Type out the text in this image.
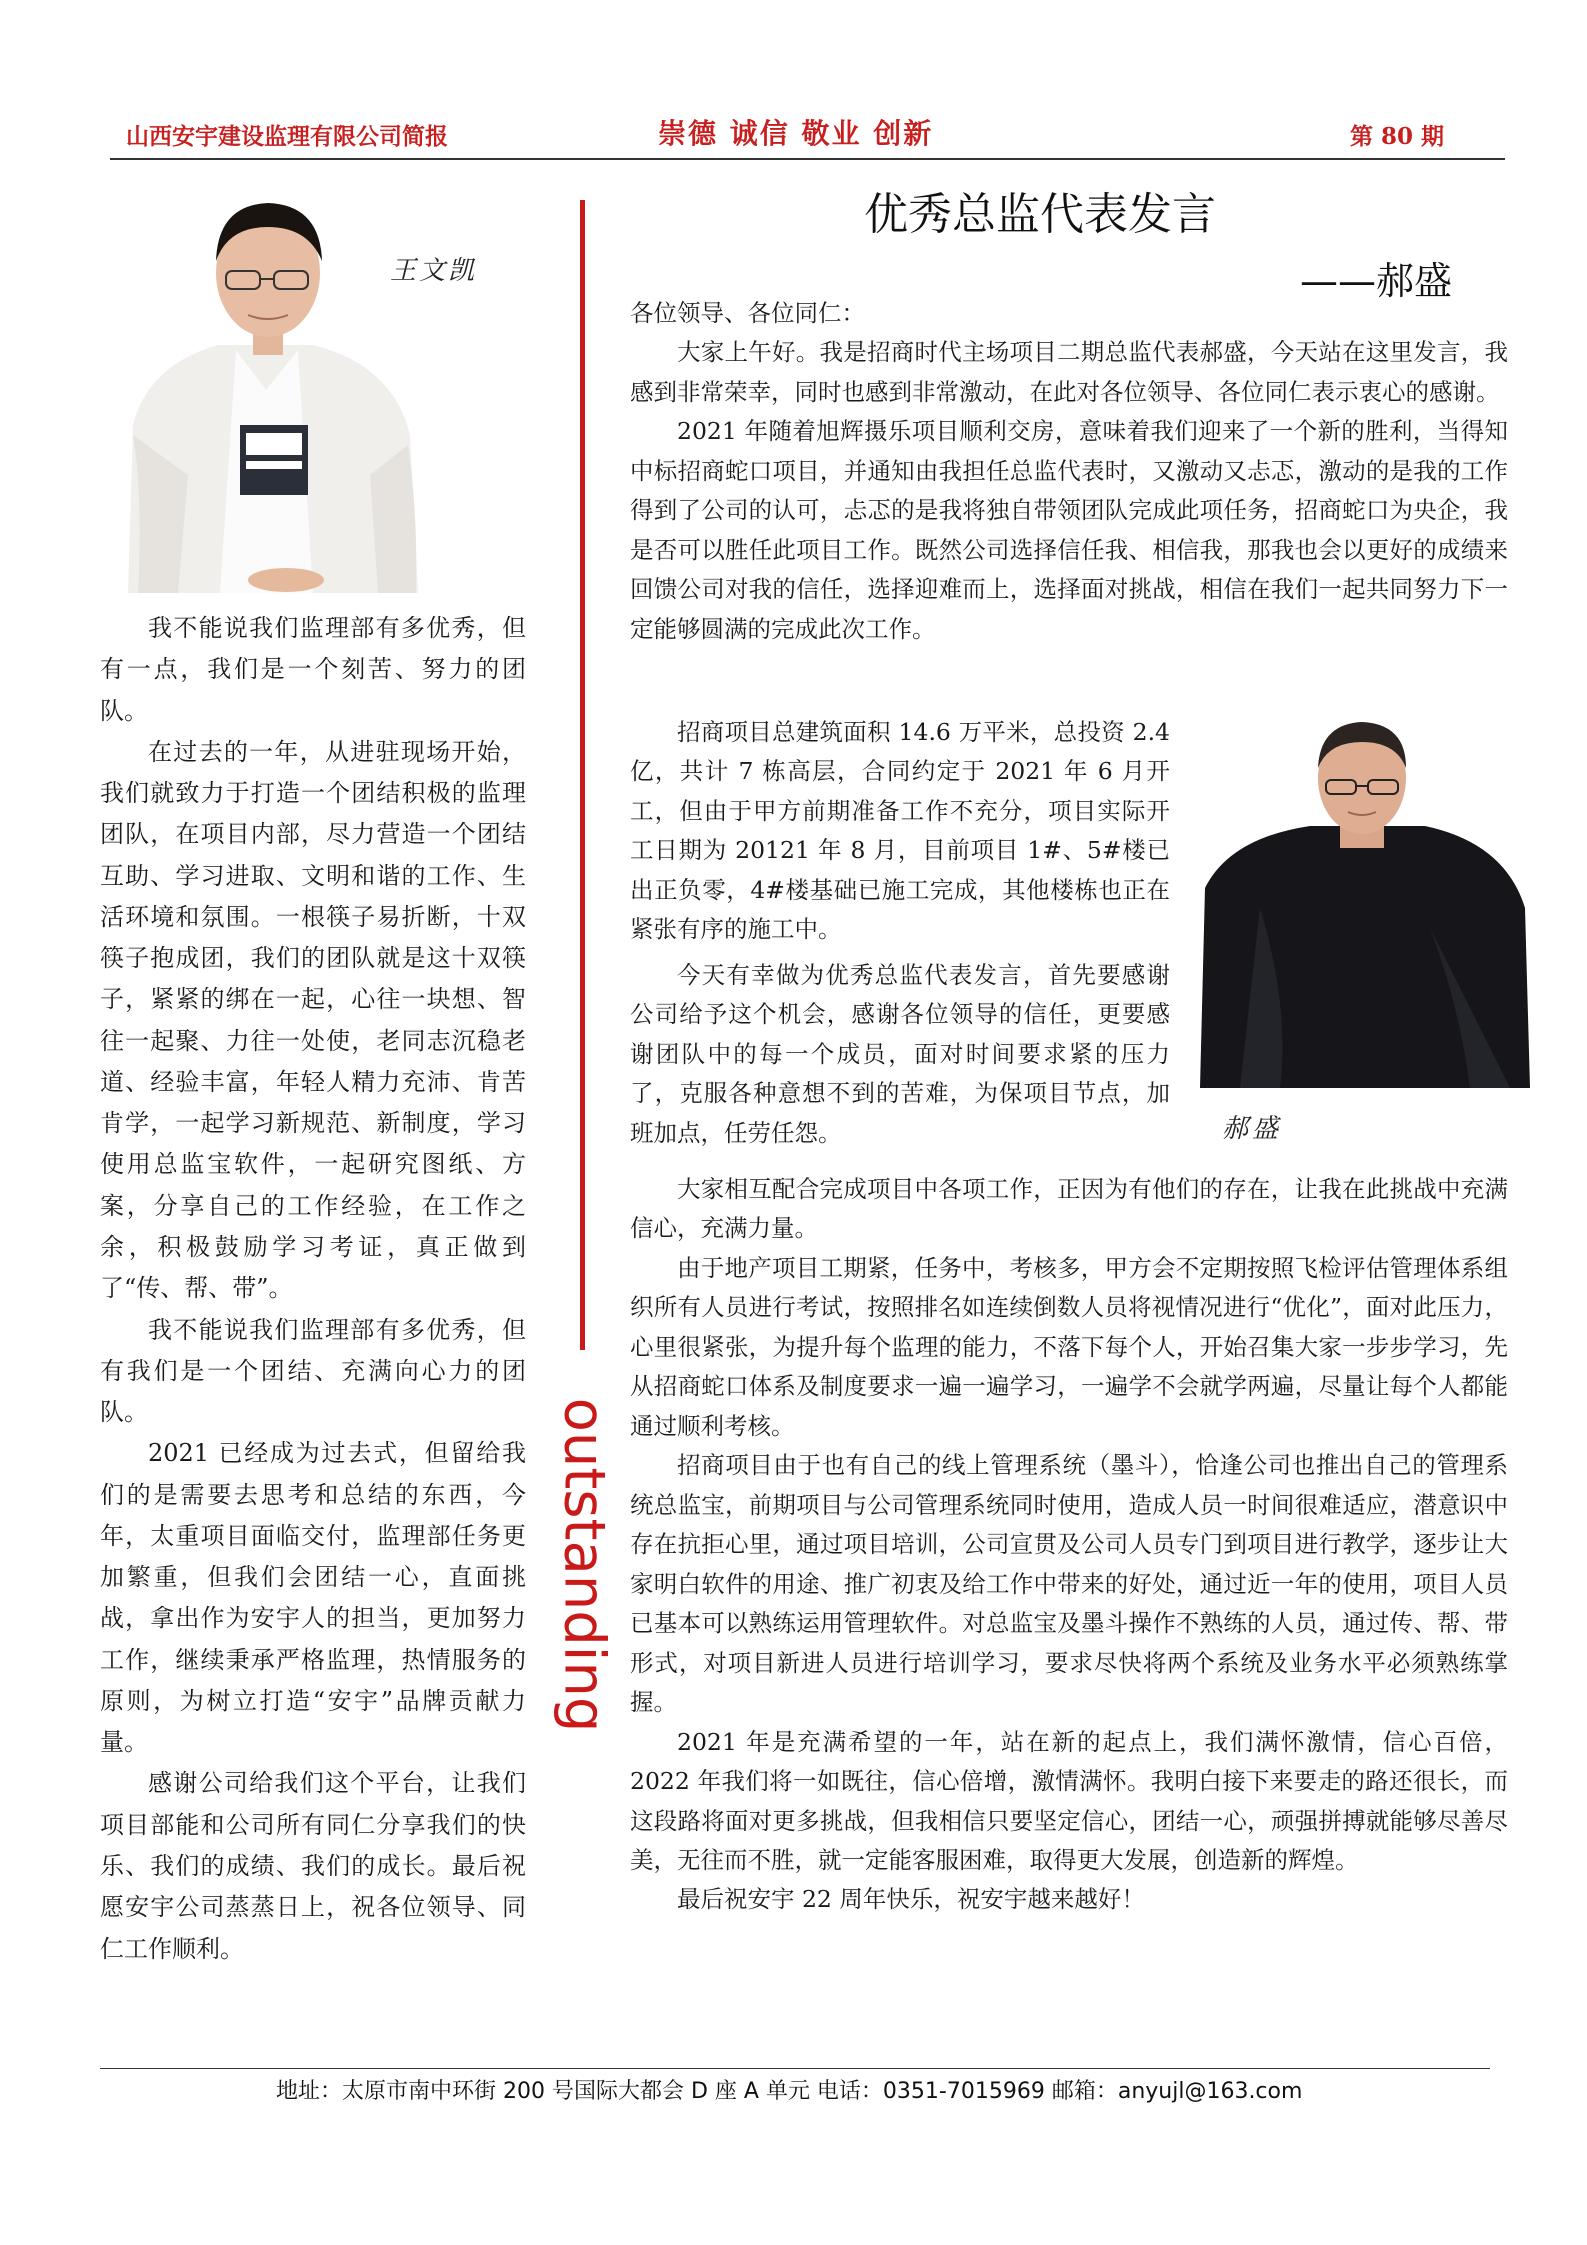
山西安宇建设监理有限公司简报	崇德 诚信 敬业 创新	第 80 期
王文凯

我不能说我们监理部有多优秀，但有一点，我们是一个刻苦、努力的团队。

在过去的一年，从进驻现场开始，我们就致力于打造一个团结积极的监理团队，在项目内部，尽力营造一个团结互助、学习进取、文明和谐的工作、生活环境和氛围。一根筷子易折断，十双筷子抱成团，我们的团队就是这十双筷子，紧紧的绑在一起，心往一块想、智往一起聚、力往一处使，老同志沉稳老道、经验丰富，年轻人精力充沛、肯苦肯学，一起学习新规范、新制度，学习使用总监宝软件，一起研究图纸、方案，分享自己的工作经验，在工作之余，积极鼓励学习考证，真正做到了“传、帮、带”。

我不能说我们监理部有多优秀，但有我们是一个团结、充满向心力的团队。

2021 已经成为过去式，但留给我们的是需要去思考和总结的东西，今年，太重项目面临交付，监理部任务更加繁重，但我们会团结一心，直面挑战，拿出作为安宇人的担当，更加努力工作，继续秉承严格监理，热情服务的原则，为树立打造“安宇”品牌贡献力量。

感谢公司给我们这个平台，让我们项目部能和公司所有同仁分享我们的快乐、我们的成绩、我们的成长。最后祝愿安宇公司蒸蒸日上，祝各位领导、同仁工作顺利。

outstanding
优秀总监代表发言
——郝盛

各位领导、各位同仁：

大家上午好。我是招商时代主场项目二期总监代表郝盛，今天站在这里发言，我感到非常荣幸，同时也感到非常激动，在此对各位领导、各位同仁表示衷心的感谢。

2021 年随着旭辉摄乐项目顺利交房，意味着我们迎来了一个新的胜利，当得知中标招商蛇口项目，并通知由我担任总监代表时，又激动又忐忑，激动的是我的工作得到了公司的认可，忐忑的是我将独自带领团队完成此项任务，招商蛇口为央企，我是否可以胜任此项目工作。既然公司选择信任我、相信我，那我也会以更好的成绩来回馈公司对我的信任，选择迎难而上，选择面对挑战，相信在我们一起共同努力下一定能够圆满的完成此次工作。

招商项目总建筑面积 14.6 万平米，总投资 2.4 亿，共计 7 栋高层，合同约定于 2021 年 6 月开工，但由于甲方前期准备工作不充分，项目实际开工日期为 20121 年 8 月，目前项目 1#、5#楼已出正负零，4#楼基础已施工完成，其他楼栋也正在紧张有序的施工中。

今天有幸做为优秀总监代表发言，首先要感谢公司给予这个机会，感谢各位领导的信任，更要感谢团队中的每一个成员，面对时间要求紧的压力了，克服各种意想不到的苦难，为保项目节点，加班加点，任劳任怨。	郝盛

大家相互配合完成项目中各项工作，正因为有他们的存在，让我在此挑战中充满信心，充满力量。

由于地产项目工期紧，任务中，考核多，甲方会不定期按照飞检评估管理体系组织所有人员进行考试，按照排名如连续倒数人员将视情况进行“优化”，面对此压力，心里很紧张，为提升每个监理的能力，不落下每个人，开始召集大家一步步学习，先从招商蛇口体系及制度要求一遍一遍学习，一遍学不会就学两遍，尽量让每个人都能通过顺利考核。

招商项目由于也有自己的线上管理系统（墨斗），恰逢公司也推出自己的管理系统总监宝，前期项目与公司管理系统同时使用，造成人员一时间很难适应，潜意识中存在抗拒心里，通过项目培训，公司宣贯及公司人员专门到项目进行教学，逐步让大家明白软件的用途、推广初衷及给工作中带来的好处，通过近一年的使用，项目人员已基本可以熟练运用管理软件。对总监宝及墨斗操作不熟练的人员，通过传、帮、带形式，对项目新进人员进行培训学习，要求尽快将两个系统及业务水平必须熟练掌握。

2021 年是充满希望的一年，站在新的起点上，我们满怀激情，信心百倍，2022 年我们将一如既往，信心倍增，激情满怀。我明白接下来要走的路还很长，而这段路将面对更多挑战，但我相信只要坚定信心，团结一心，顽强拼搏就能够尽善尽美，无往而不胜，就一定能客服困难，取得更大发展，创造新的辉煌。

最后祝安宇 22 周年快乐，祝安宇越来越好！

地址：太原市南中环街 200 号国际大都会 D 座 A 单元 电话：0351-7015969 邮箱：anyujl@163.com
